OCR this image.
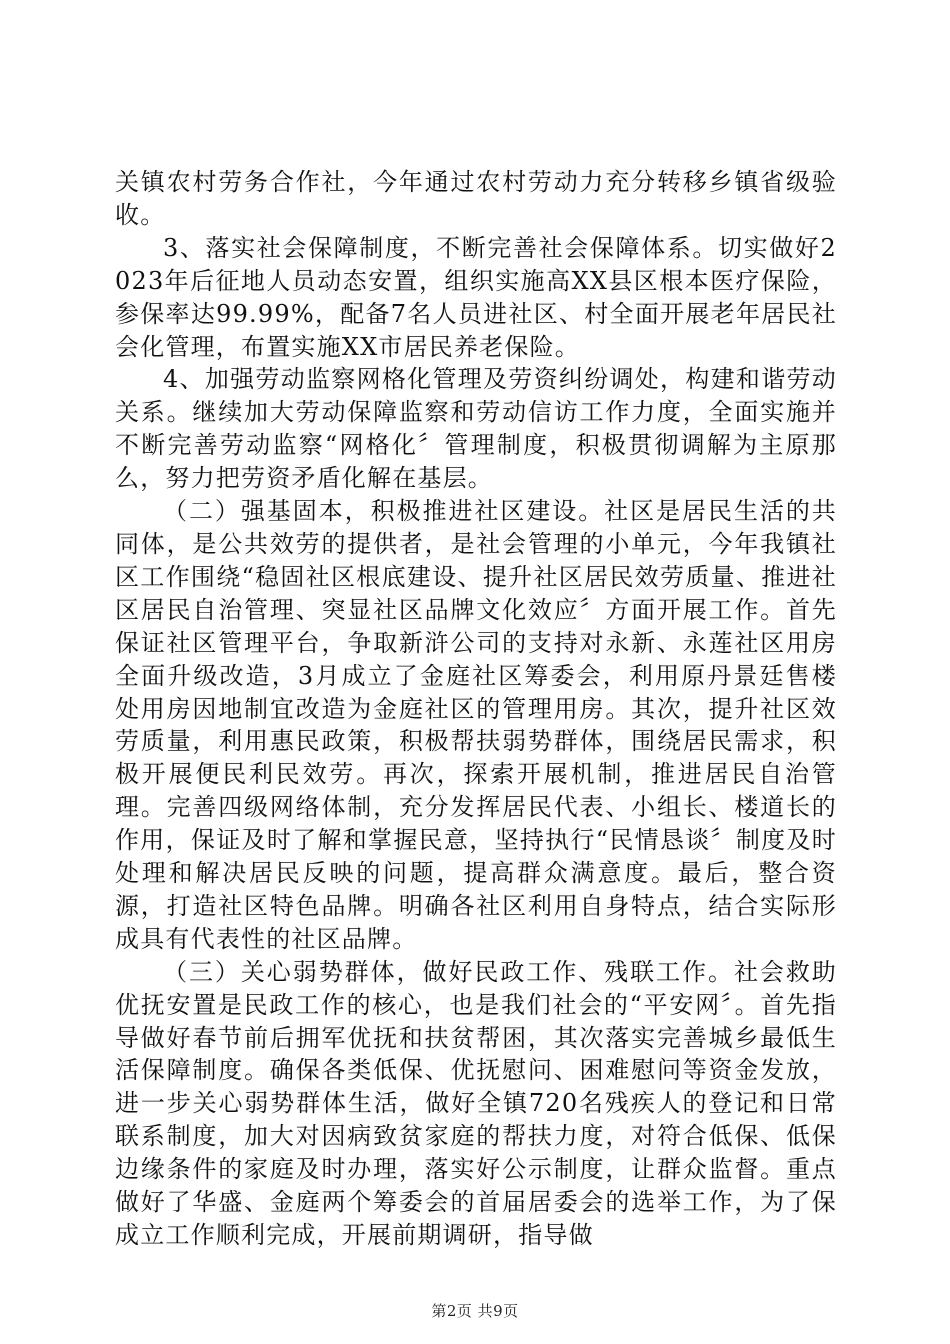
关镇农村劳务合作社，今年通过农村劳动力充分转移乡镇省级验收。

3、落实社会保障制度，不断完善社会保障体系。切实做好2023年后征地人员动态安置，组织实施高XX县区根本医疗保险，参保率达99.99%，配备7名人员进社区、村全面开展老年居民社会化管理，布置实施XX市居民养老保险。

4、加强劳动监察网格化管理及劳资纠纷调处，构建和谐劳动关系。继续加大劳动保障监察和劳动信访工作力度，全面实施并不断完善劳动监察“网格化〞管理制度，积极贯彻调解为主原那么，努力把劳资矛盾化解在基层。

（二）强基固本，积极推进社区建设。社区是居民生活的共同体，是公共效劳的提供者，是社会管理的小单元，今年我镇社区工作围绕“稳固社区根底建设、提升社区居民效劳质量、推进社区居民自治管理、突显社区品牌文化效应〞方面开展工作。首先保证社区管理平台，争取新浒公司的支持对永新、永莲社区用房全面升级改造，3月成立了金庭社区筹委会，利用原丹景廷售楼处用房因地制宜改造为金庭社区的管理用房。其次，提升社区效劳质量，利用惠民政策，积极帮扶弱势群体，围绕居民需求，积极开展便民利民效劳。再次，探索开展机制，推进居民自治管理。完善四级网络体制，充分发挥居民代表、小组长、楼道长的作用，保证及时了解和掌握民意，坚持执行“民情恳谈〞制度及时处理和解决居民反映的问题，提高群众满意度。最后，整合资源，打造社区特色品牌。明确各社区利用自身特点，结合实际形成具有代表性的社区品牌。

（三）关心弱势群体，做好民政工作、残联工作。社会救助优抚安置是民政工作的核心，也是我们社会的“平安网〞。首先指导做好春节前后拥军优抚和扶贫帮困，其次落实完善城乡最低生活保障制度。确保各类低保、优抚慰问、困难慰问等资金发放，进一步关心弱势群体生活，做好全镇720名残疾人的登记和日常联系制度，加大对因病致贫家庭的帮扶力度，对符合低保、低保边缘条件的家庭及时办理，落实好公示制度，让群众监督。重点做好了华盛、金庭两个筹委会的首届居委会的选举工作，为了保成立工作顺利完成，开展前期调研，指导做

第2页 共9页
